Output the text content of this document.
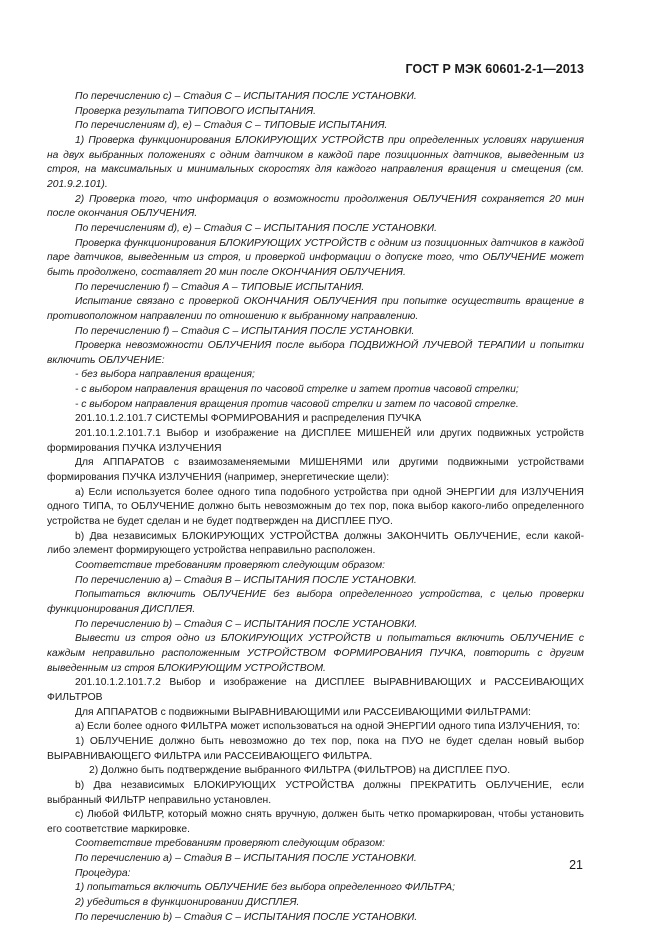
ГОСТ Р МЭК 60601-2-1—2013

По перечислению c) – Стадия С – ИСПЫТАНИЯ ПОСЛЕ УСТАНОВКИ.

Проверка результата ТИПОВОГО ИСПЫТАНИЯ.

По перечислениям d), e) – Стадия С – ТИПОВЫЕ ИСПЫТАНИЯ.

1) Проверка функционирования БЛОКИРУЮЩИХ УСТРОЙСТВ при определенных условиях нарушения на двух выбранных положениях с одним датчиком в каждой паре позиционных датчиков, выведенным из строя, на максимальных и минимальных скоростях для каждого направления вращения и смещения (см. 201.9.2.101).

2) Проверка того, что информация о возможности продолжения ОБЛУЧЕНИЯ сохраняется 20 мин после окончания ОБЛУЧЕНИЯ.

По перечислениям d), e) – Стадия С – ИСПЫТАНИЯ ПОСЛЕ УСТАНОВКИ.

Проверка функционирования БЛОКИРУЮЩИХ УСТРОЙСТВ с одним из позиционных датчиков в каждой паре датчиков, выведенным из строя, и проверкой информации о допуске того, что ОБЛУЧЕНИЕ может быть продолжено, составляет 20 мин после ОКОНЧАНИЯ ОБЛУЧЕНИЯ.

По перечислению f) – Стадия А – ТИПОВЫЕ ИСПЫТАНИЯ.

Испытание связано с проверкой ОКОНЧАНИЯ ОБЛУЧЕНИЯ при попытке осуществить вращение в противоположном направлении по отношению к выбранному направлению.

По перечислению f) – Стадия С – ИСПЫТАНИЯ ПОСЛЕ УСТАНОВКИ.

Проверка невозможности ОБЛУЧЕНИЯ после выбора ПОДВИЖНОЙ ЛУЧЕВОЙ ТЕРАПИИ и попытки включить ОБЛУЧЕНИЕ:

- без выбора направления вращения;

- с выбором направления вращения по часовой стрелке и затем против часовой стрелки;

- с выбором направления вращения против часовой стрелки и затем по часовой стрелке.

201.10.1.2.101.7 СИСТЕМЫ ФОРМИРОВАНИЯ и распределения ПУЧКА

201.10.1.2.101.7.1 Выбор и изображение на ДИСПЛЕЕ МИШЕНЕЙ или других подвижных устройств формирования ПУЧКА ИЗЛУЧЕНИЯ

Для АППАРАТОВ с взаимозаменяемыми МИШЕНЯМИ или другими подвижными устройствами формирования ПУЧКА ИЗЛУЧЕНИЯ (например, энергетические щели):

a) Если используется более одного типа подобного устройства при одной ЭНЕРГИИ для ИЗЛУЧЕНИЯ одного ТИПА, то ОБЛУЧЕНИЕ должно быть невозможным до тех пор, пока выбор какого-либо определенного устройства не будет сделан и не будет подтвержден на ДИСПЛЕЕ ПУО.

b) Два независимых БЛОКИРУЮЩИХ УСТРОЙСТВА должны ЗАКОНЧИТЬ ОБЛУЧЕНИЕ, если какой-либо элемент формирующего устройства неправильно расположен.

Соответствие требованиям проверяют следующим образом:

По перечислению a) – Стадия В – ИСПЫТАНИЯ ПОСЛЕ УСТАНОВКИ.

Попытаться включить ОБЛУЧЕНИЕ без выбора определенного устройства, с целью проверки функционирования ДИСПЛЕЯ.

По перечислению b) – Стадия С – ИСПЫТАНИЯ ПОСЛЕ УСТАНОВКИ.

Вывести из строя одно из БЛОКИРУЮЩИХ УСТРОЙСТВ и попытаться включить ОБЛУЧЕНИЕ с каждым неправильно расположенным УСТРОЙСТВОМ ФОРМИРОВАНИЯ ПУЧКА, повторить с другим выведенным из строя БЛОКИРУЮЩИМ УСТРОЙСТВОМ.

201.10.1.2.101.7.2 Выбор и изображение на ДИСПЛЕЕ ВЫРАВНИВАЮЩИХ и РАССЕИВАЮЩИХ ФИЛЬТРОВ

Для АППАРАТОВ с подвижными ВЫРАВНИВАЮЩИМИ или РАССЕИВАЮЩИМИ ФИЛЬТРАМИ:

a) Если более одного ФИЛЬТРА может использоваться на одной ЭНЕРГИИ одного типа ИЗЛУЧЕНИЯ, то:

1) ОБЛУЧЕНИЕ должно быть невозможно до тех пор, пока на ПУО не будет сделан новый выбор ВЫРАВНИВАЮЩЕГО ФИЛЬТРА или РАССЕИВАЮЩЕГО ФИЛЬТРА.

2) Должно быть подтверждение выбранного ФИЛЬТРА (ФИЛЬТРОВ) на ДИСПЛЕЕ ПУО.

b) Два независимых БЛОКИРУЮЩИХ УСТРОЙСТВА должны ПРЕКРАТИТЬ ОБЛУЧЕНИЕ, если выбранный ФИЛЬТР неправильно установлен.

c) Любой ФИЛЬТР, который можно снять вручную, должен быть четко промаркирован, чтобы установить его соответствие маркировке.

Соответствие требованиям проверяют следующим образом:

По перечислению a) – Стадия В – ИСПЫТАНИЯ ПОСЛЕ УСТАНОВКИ.

Процедура:

1) попытаться включить ОБЛУЧЕНИЕ без выбора определенного ФИЛЬТРА;

2) убедиться в функционировании ДИСПЛЕЯ.

По перечислению b) – Стадия С – ИСПЫТАНИЯ ПОСЛЕ УСТАНОВКИ.

21
